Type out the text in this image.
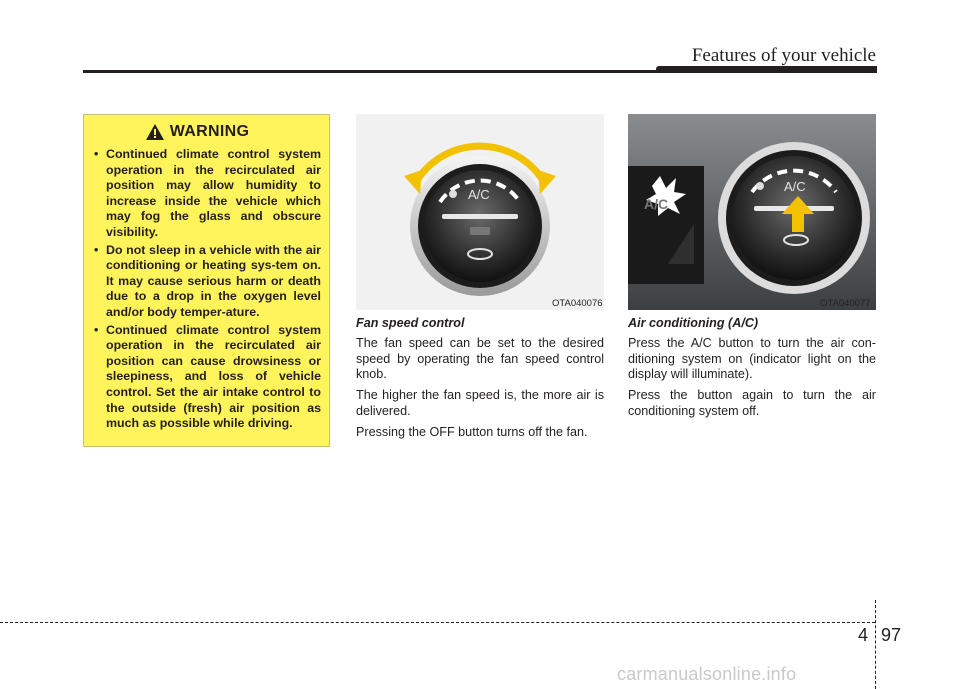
Features of your vehicle
WARNING
• Continued climate control system operation in the recirculated air position may allow humidity to increase inside the vehicle which may fog the glass and obscure visibility.
• Do not sleep in a vehicle with the air conditioning or heating sys-tem on. It may cause serious harm or death due to a drop in the oxygen level and/or body temper-ature.
• Continued climate control system operation in the recirculated air position can cause drowsiness or sleepiness, and loss of vehicle control. Set the air intake control to the outside (fresh) air position as much as possible while driving.
A/C
OTA040076
A/C
A/C
OTA040077
Fan speed control

The fan speed can be set to the desired speed by operating the fan speed control knob.

The higher the fan speed is, the more air is delivered.

Pressing the OFF button turns off the fan.

Air conditioning (A/C)

Press the A/C button to turn the air con-ditioning system on (indicator light on the display will illuminate).

Press the button again to turn the air conditioning system off.

4 97
carmanualsonline.info
